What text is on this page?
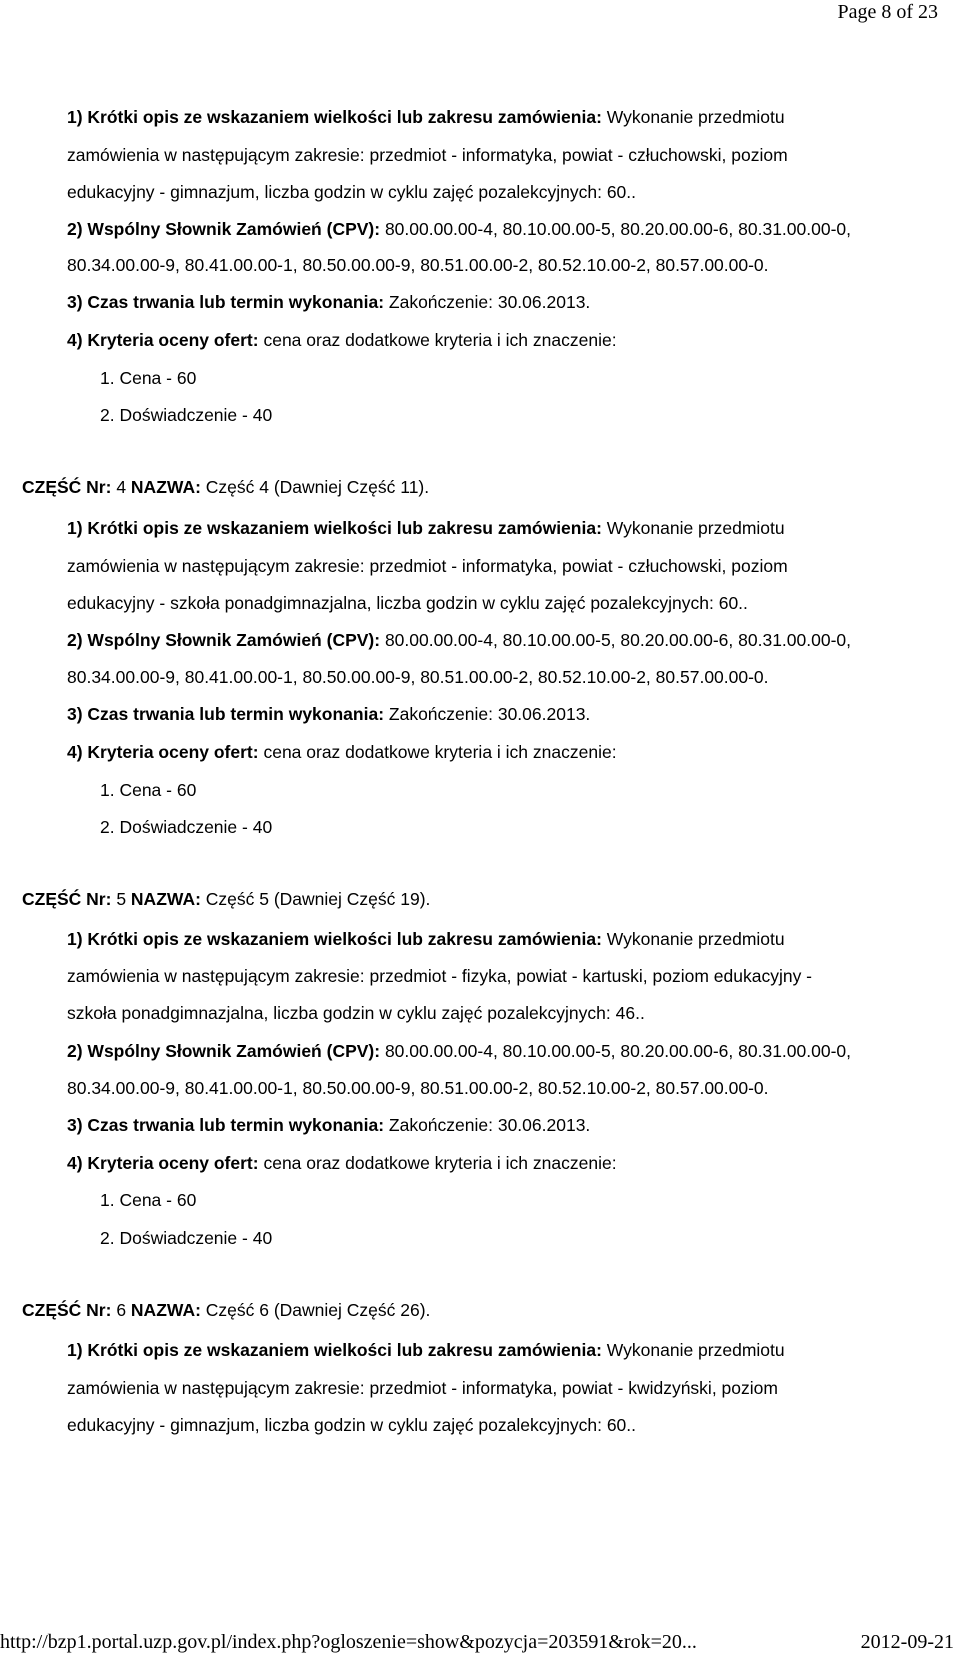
Page 8 of 23
1) Krótki opis ze wskazaniem wielkości lub zakresu zamówienia: Wykonanie przedmiotu
zamówienia w następującym zakresie: przedmiot - informatyka, powiat - człuchowski, poziom
edukacyjny - gimnazjum, liczba godzin w cyklu zajęć pozalekcyjnych: 60..
2) Wspólny Słownik Zamówień (CPV): 80.00.00.00-4, 80.10.00.00-5, 80.20.00.00-6, 80.31.00.00-0,
80.34.00.00-9, 80.41.00.00-1, 80.50.00.00-9, 80.51.00.00-2, 80.52.10.00-2, 80.57.00.00-0.
3) Czas trwania lub termin wykonania: Zakończenie: 30.06.2013.
4) Kryteria oceny ofert: cena oraz dodatkowe kryteria i ich znaczenie:
1. Cena - 60
2. Doświadczenie - 40
CZĘŚĆ Nr: 4 NAZWA: Część 4 (Dawniej Część 11).
1) Krótki opis ze wskazaniem wielkości lub zakresu zamówienia: Wykonanie przedmiotu
zamówienia w następującym zakresie: przedmiot - informatyka, powiat - człuchowski, poziom
edukacyjny - szkoła ponadgimnazjalna, liczba godzin w cyklu zajęć pozalekcyjnych: 60..
2) Wspólny Słownik Zamówień (CPV): 80.00.00.00-4, 80.10.00.00-5, 80.20.00.00-6, 80.31.00.00-0,
80.34.00.00-9, 80.41.00.00-1, 80.50.00.00-9, 80.51.00.00-2, 80.52.10.00-2, 80.57.00.00-0.
3) Czas trwania lub termin wykonania: Zakończenie: 30.06.2013.
4) Kryteria oceny ofert: cena oraz dodatkowe kryteria i ich znaczenie:
1. Cena - 60
2. Doświadczenie - 40
CZĘŚĆ Nr: 5 NAZWA: Część 5 (Dawniej Część 19).
1) Krótki opis ze wskazaniem wielkości lub zakresu zamówienia: Wykonanie przedmiotu
zamówienia w następującym zakresie: przedmiot - fizyka, powiat - kartuski, poziom edukacyjny -
szkoła ponadgimnazjalna, liczba godzin w cyklu zajęć pozalekcyjnych: 46..
2) Wspólny Słownik Zamówień (CPV): 80.00.00.00-4, 80.10.00.00-5, 80.20.00.00-6, 80.31.00.00-0,
80.34.00.00-9, 80.41.00.00-1, 80.50.00.00-9, 80.51.00.00-2, 80.52.10.00-2, 80.57.00.00-0.
3) Czas trwania lub termin wykonania: Zakończenie: 30.06.2013.
4) Kryteria oceny ofert: cena oraz dodatkowe kryteria i ich znaczenie:
1. Cena - 60
2. Doświadczenie - 40
CZĘŚĆ Nr: 6 NAZWA: Część 6 (Dawniej Część 26).
1) Krótki opis ze wskazaniem wielkości lub zakresu zamówienia: Wykonanie przedmiotu
zamówienia w następującym zakresie: przedmiot - informatyka, powiat - kwidzyński, poziom
edukacyjny - gimnazjum, liczba godzin w cyklu zajęć pozalekcyjnych: 60..
http://bzp1.portal.uzp.gov.pl/index.php?ogloszenie=show&pozycja=203591&rok=20...	2012-09-21
